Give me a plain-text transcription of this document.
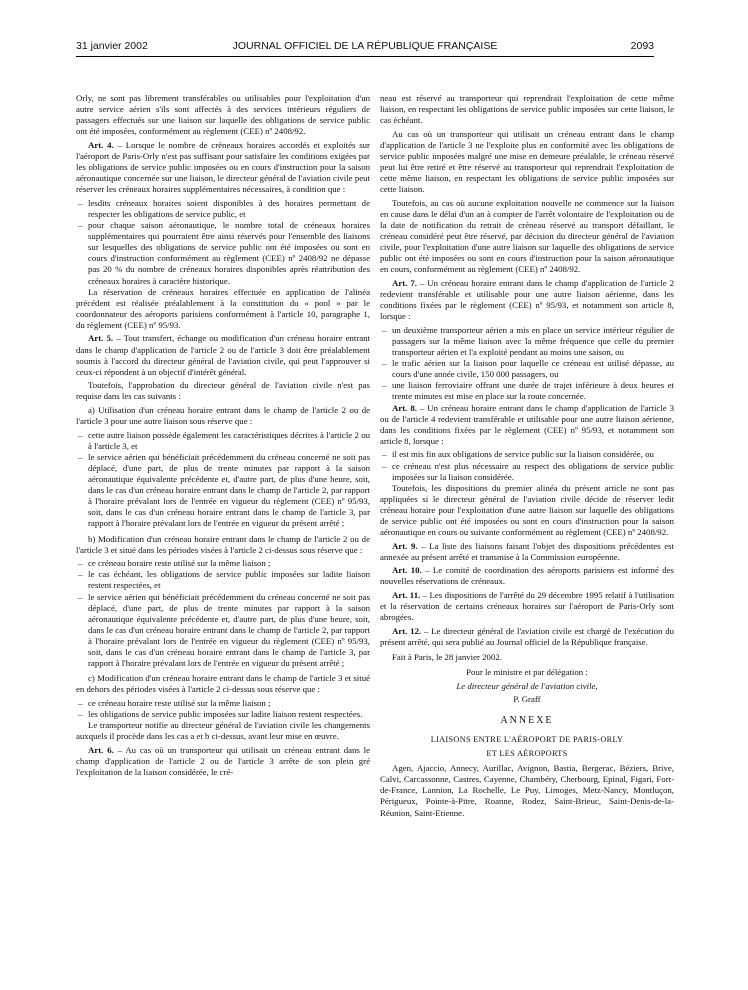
31 janvier 2002	JOURNAL OFFICIEL DE LA RÉPUBLIQUE FRANÇAISE	2093

Orly, ne sont pas librement transférables ou utilisables pour l'exploitation d'un autre service aérien s'ils sont affectés à des services intérieurs réguliers de passagers effectués sur une liaison sur laquelle des obligations de service public ont été imposées, conformément au règlement (CEE) nº 2408/92.

Art. 4. – Lorsque le nombre de créneaux horaires accordés et exploités sur l'aéroport de Paris-Orly n'est pas suffisant pour satisfaire les conditions exigées par les obligations de service public imposées ou en cours d'instruction pour la saison aéronautique concernée sur une liaison, le directeur général de l'aviation civile peut réserver les créneaux horaires supplémentaires nécessaires, à condition que :

– lesdits créneaux horaires soient disponibles à des horaires permettant de respecter les obligations de service public, et

– pour chaque saison aéronautique, le nombre total de créneaux horaires supplémentaires qui pourraient être ainsi réservés pour l'ensemble des liaisons sur lesquelles des obligations de service public ont été imposées ou sont en cours d'instruction conformément au règlement (CEE) nº 2408/92 ne dépasse pas 20 % du nombre de créneaux horaires disponibles après réattribution des créneaux horaires à caractère historique.

La réservation de créneaux horaires effectuée en application de l'alinéa précédent est réalisée préalablement à la constitution du « pool » par le coordonnateur des aéroports parisiens conformément à l'article 10, paragraphe 1, du règlement (CEE) nº 95/93.

Art. 5. – Tout transfert, échange ou modification d'un créneau horaire entrant dans le champ d'application de l'article 2 ou de l'article 3 doit être préalablement soumis à l'accord du directeur général de l'aviation civile, qui peut l'approuver si ceux-ci répondent à un objectif d'intérêt général.

Toutefois, l'approbation du directeur général de l'aviation civile n'est pas requise dans les cas suivants :

a) Utilisation d'un créneau horaire entrant dans le champ de l'article 2 ou de l'article 3 pour une autre liaison sous réserve que :

– cette autre liaison possède également les caractéristiques décrites à l'article 2 ou à l'article 3, et

– le service aérien qui bénéficiait précédemment du créneau concerné ne soit pas déplacé, d'une part, de plus de trente minutes par rapport à la saison aéronautique équivalente précédente et, d'autre part, de plus d'une heure, soit, dans le cas d'un créneau horaire entrant dans le champ de l'article 2, par rapport à l'horaire prévalant lors de l'entrée en vigueur du règlement (CEE) nº 95/93, soit, dans le cas d'un créneau horaire entrant dans le champ de l'article 3, par rapport à l'horaire prévalant lors de l'entrée en vigueur du présent arrêté ;

b) Modification d'un créneau horaire entrant dans le champ de l'article 2 ou de l'article 3 et situé dans les périodes visées à l'article 2 ci-dessus sous réserve que :

– ce créneau horaire reste utilisé sur la même liaison ;

– le cas échéant, les obligations de service public imposées sur ladite liaison restent respectées, et

– le service aérien qui bénéficiait précédemment du créneau concerné ne soit pas déplacé, d'une part, de plus de trente minutes par rapport à la saison aéronautique équivalente précédente et, d'autre part, de plus d'une heure, soit, dans le cas d'un créneau horaire entrant dans le champ de l'article 2, par rapport à l'horaire prévalant lors de l'entrée en vigueur du règlement (CEE) nº 95/93, soit, dans le cas d'un créneau horaire entrant dans le champ de l'article 3, par rapport à l'horaire prévalant lors de l'entrée en vigueur du présent arrêté ;

c) Modification d'un créneau horaire entrant dans le champ de l'article 3 et situé en dehors des périodes visées à l'article 2 ci-dessus sous réserve que :

– ce créneau horaire reste utilisé sur la même liaison ;

– les obligations de service public imposées sur ladite liaison restent respectées.

Le transporteur notifie au directeur général de l'aviation civile les changements auxquels il procède dans les cas a et b ci-dessus, avant leur mise en œuvre.

Art. 6. – Au cas où un transporteur qui utilisait un créneau entrant dans le champ d'application de l'article 2 ou de l'article 3 arrête de son plein gré l'exploitation de la liaison considérée, le cré-

neau est réservé au transporteur qui reprendrait l'exploitation de cette même liaison, en respectant les obligations de service public imposées sur cette liaison, le cas échéant.

Au cas où un transporteur qui utilisait un créneau entrant dans le champ d'application de l'article 3 ne l'exploite plus en conformité avec les obligations de service public imposées malgré une mise en demeure préalable, le créneau réservé peut lui être retiré et être réservé au transporteur qui reprendrait l'exploitation de cette même liaison, en respectant les obligations de service public imposées sur cette liaison.

Toutefois, au cas où aucune exploitation nouvelle ne commence sur la liaison en cause dans le délai d'un an à compter de l'arrêt volontaire de l'exploitation ou de la date de notification du retrait de créneau réservé au transport défaillant, le créneau considéré peut être réservé, par décision du directeur général de l'aviation civile, pour l'exploitation d'une autre liaison sur laquelle des obligations de service public ont été imposées ou sont en cours d'instruction pour la saison aéronautique en cours, conformément au règlement (CEE) nº 2408/92.

Art. 7. – Un créneau horaire entrant dans le champ d'application de l'article 2 redevient transférable et utilisable pour une autre liaison aérienne, dans les conditions fixées par le règlement (CEE) nº 95/93, et notamment son article 8, lorsque :

– un deuxième transporteur aérien a mis en place un service intérieur régulier de passagers sur la même liaison avec la même fréquence que celle du premier transporteur aérien et l'a exploité pendant au moins une saison, ou

– le trafic aérien sur la liaison pour laquelle ce créneau est utilisé dépasse, au cours d'une année civile, 150 000 passagers, ou

– une liaison ferroviaire offrant une durée de trajet inférieure à deux heures et trente minutes est mise en place sur la route concernée.

Art. 8. – Un créneau horaire entrant dans le champ d'application de l'article 3 ou de l'article 4 redevient transférable et utilisable pour une autre liaison aérienne, dans les conditions fixées par le règlement (CEE) nº 95/93, et notamment son article 8, lorsque :

– il est mis fin aux obligations de service public sur la liaison considérée, ou

– ce créneau n'est plus nécessaire au respect des obligations de service public imposées sur la liaison considérée.

Toutefois, les dispositions du premier alinéa du présent article ne sont pas appliquées si le directeur général de l'aviation civile décide de réserver ledit créneau horaire pour l'exploitation d'une autre liaison sur laquelle des obligations de service public ont été imposées ou sont en cours d'instruction pour la saison aéronautique en cours ou suivante conformément au règlement (CEE) nº 2408/92.

Art. 9. – La liste des liaisons faisant l'objet des dispositions précédentes est annexée au présent arrêté et transmise à la Commission européenne.

Art. 10. – Le comité de coordination des aéroports parisiens est informé des nouvelles réservations de créneaux.

Art. 11. – Les dispositions de l'arrêté du 29 décembre 1995 relatif à l'utilisation et la réservation de certains créneaux horaires sur l'aéroport de Paris-Orly sont abrogées.

Art. 12. – Le directeur général de l'aviation civile est chargé de l'exécution du présent arrêté, qui sera publié au Journal officiel de la République française.

Fait à Paris, le 28 janvier 2002.

Pour le ministre et par délégation :

Le directeur général de l'aviation civile,

P. Graff

ANNEXE

LIAISONS ENTRE L'AÉROPORT DE PARIS-ORLY

ET LES AÉROPORTS

Agen, Ajaccio, Annecy, Aurillac, Avignon, Bastia, Bergerac, Béziers, Brive, Calvi, Carcassonne, Castres, Cayenne, Chambéry, Cherbourg, Epinal, Figari, Fort-de-France, Lannion, La Rochelle, Le Puy, Limoges, Metz-Nancy, Montluçon, Périgueux, Pointe-à-Pitre, Roanne, Rodez, Saint-Brieuc, Saint-Denis-de-la-Réunion, Saint-Etienne.
